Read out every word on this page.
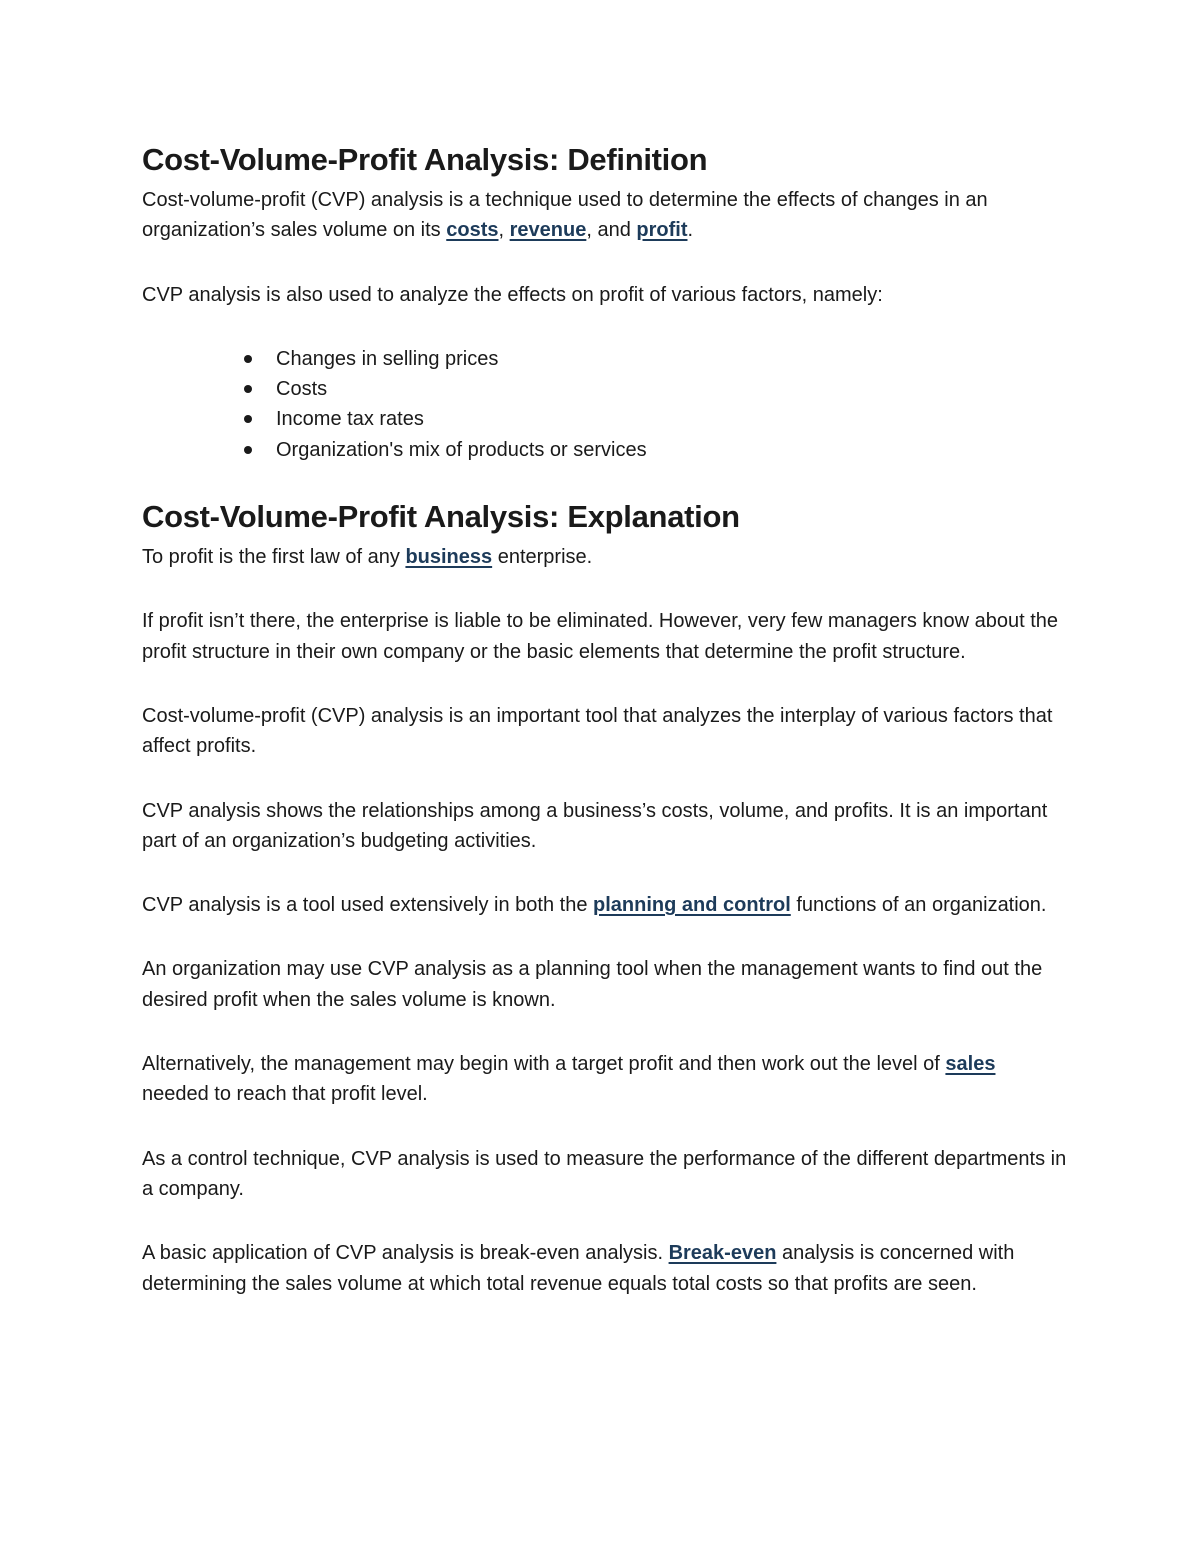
Cost-Volume-Profit Analysis: Definition

Cost-volume-profit (CVP) analysis is a technique used to determine the effects of changes in an organization’s sales volume on its costs, revenue, and profit.

CVP analysis is also used to analyze the effects on profit of various factors, namely:

Changes in selling prices
Costs
Income tax rates
Organization's mix of products or services
Cost-Volume-Profit Analysis: Explanation

To profit is the first law of any business enterprise.

If profit isn’t there, the enterprise is liable to be eliminated. However, very few managers know about the profit structure in their own company or the basic elements that determine the profit structure.

Cost-volume-profit (CVP) analysis is an important tool that analyzes the interplay of various factors that affect profits.

CVP analysis shows the relationships among a business’s costs, volume, and profits. It is an important part of an organization’s budgeting activities.

CVP analysis is a tool used extensively in both the planning and control functions of an organization.

An organization may use CVP analysis as a planning tool when the management wants to find out the desired profit when the sales volume is known.

Alternatively, the management may begin with a target profit and then work out the level of sales needed to reach that profit level.

As a control technique, CVP analysis is used to measure the performance of the different departments in a company.

A basic application of CVP analysis is break-even analysis. Break-even analysis is concerned with determining the sales volume at which total revenue equals total costs so that profits are seen.
